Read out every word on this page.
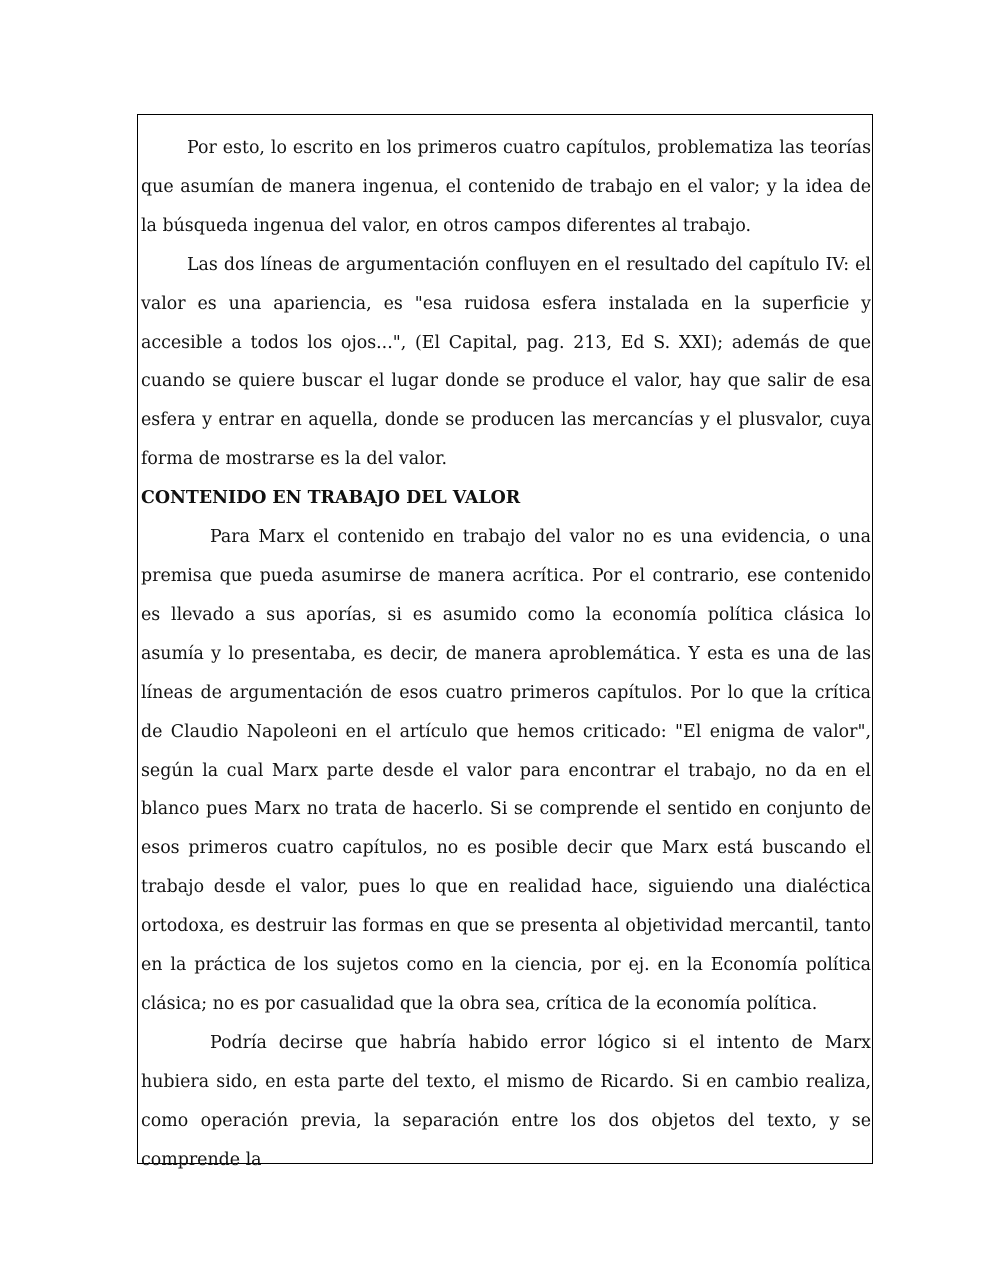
Por esto, lo escrito en los primeros cuatro capítulos, problematiza las teorías que asumían de manera ingenua, el contenido de trabajo en el valor; y la idea de la búsqueda ingenua del valor, en otros campos diferentes al trabajo.

Las dos líneas de argumentación confluyen en el resultado del capítulo IV: el valor es una apariencia, es "esa ruidosa esfera instalada en la superficie y accesible a todos los ojos...", (El Capital, pag. 213, Ed S. XXI); además de que cuando se quiere buscar el lugar donde se produce el valor, hay que salir de esa esfera y entrar en aquella, donde se producen las mercancías y el plusvalor, cuya forma de mostrarse es la del valor.

CONTENIDO EN TRABAJO DEL VALOR

Para Marx el contenido en trabajo del valor no es una evidencia, o una premisa que pueda asumirse de manera acrítica. Por el contrario, ese contenido es llevado a sus aporías, si es asumido como la economía política clásica lo asumía y lo presentaba, es decir, de manera aproblemática. Y esta es una de las líneas de argumentación de esos cuatro primeros capítulos. Por lo que la crítica de Claudio Napoleoni en el artículo que hemos criticado: "El enigma de valor", según la cual Marx parte desde el valor para encontrar el trabajo, no da en el blanco pues Marx no trata de hacerlo. Si se comprende el sentido en conjunto de esos primeros cuatro capítulos, no es posible decir que Marx está buscando el trabajo desde el valor, pues lo que en realidad hace, siguiendo una dialéctica ortodoxa, es destruir las formas en que se presenta al objetividad mercantil, tanto en la práctica de los sujetos como en la ciencia, por ej. en la Economía política clásica; no es por casualidad que la obra sea, crítica de la economía política.

Podría decirse que habría habido error lógico si el intento de Marx hubiera sido, en esta parte del texto, el mismo de Ricardo. Si en cambio realiza, como operación previa, la separación entre los dos objetos del texto, y se comprende la
